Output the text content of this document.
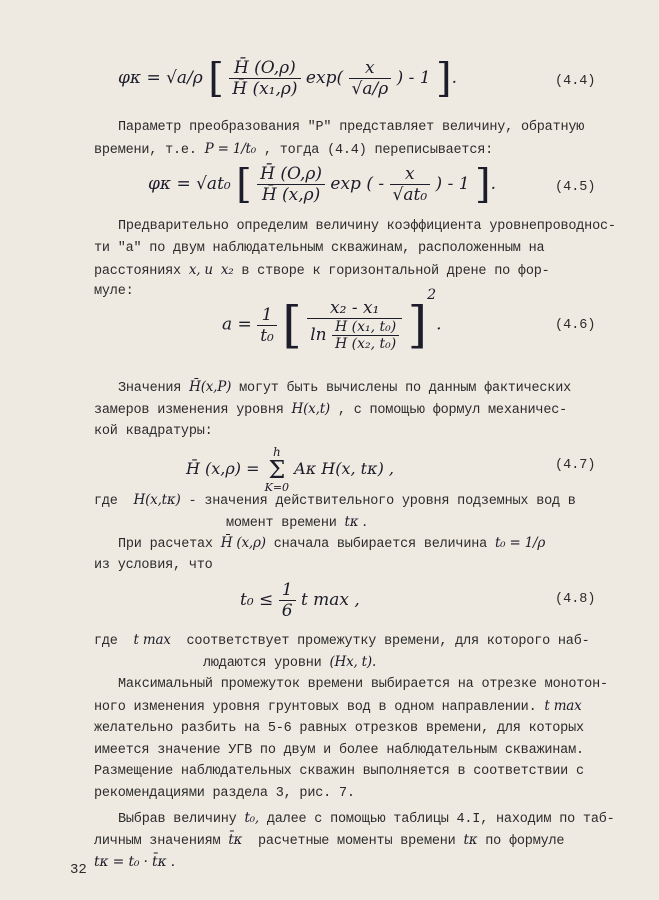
φκ = √a/ρ [ $\frac{H̄ (O,\rho)}{\text{H̄ (x₁,ρ)}} \exp( \frac{x}{√a/\rho}$ ) - 1 ].	(4.4)

Параметр преобразования "Р" представляет величину, обратную

времени, т.е. P = 1/t₀ , тогда (4.4) переписывается:

φκ = √at₀ [ $\frac{H̄ (O,\rho)}{H̄ (x,\rho)}$ exp ( - $\frac{x}{\text{√at₀}}$ ) - 1 ].	(4.5)

Предварительно определим величину коэффициента уровнепроводнос-

ти "а" по двум наблюдательным скважинам, расположенным на

расстояниях x, и x₂ в створе к горизонтальной дрене по фор-

муле:

$a = \frac{1}{\text{t₀}}$ [ $\frac{\text{x₂ - x₁}}{\ln \frac{\text{H̄ (x₁, t₀)}}{\text{H̄ (x₂, t₀)}}} ]^2$.	(4.6)

Значения H̄(x,P) могут быть вычислены по данным фактических

замеров изменения уровня H(x,t) , с помощью формул механичес-

кой квадратуры:

H̄ (x,ρ) =
h
Σ
K=0
Aκ H(x, tκ) ,	(4.7)

где H(x,tκ) - значения действительного уровня подземных вод в

момент времени tκ .

При расчетах H̄ (x,ρ) сначала выбирается величина t₀ = 1/ρ

из условия, что

$t_0 \le \frac{1}{6}$ t max ,	(4.8)

где t max соответствует промежутку времени, для которого наб-

людаются уровни (Hx, t).

Максимальный промежуток времени выбирается на отрезке монотон-

ного изменения уровня грунтовых вод в одном направлении. t max

желательно разбить на 5-6 равных отрезков времени, для которых

имеется значение УГВ по двум и более наблюдательным скважинам.

Размещение наблюдательных скважин выполняется в соответствии с

рекомендациями раздела 3, рис. 7.

Выбрав величину t₀, далее с помощью таблицы 4.I, находим по таб-

личным значениям t̄κ расчетные моменты времени tκ по формуле

tκ = t₀ · t̄κ .

32
